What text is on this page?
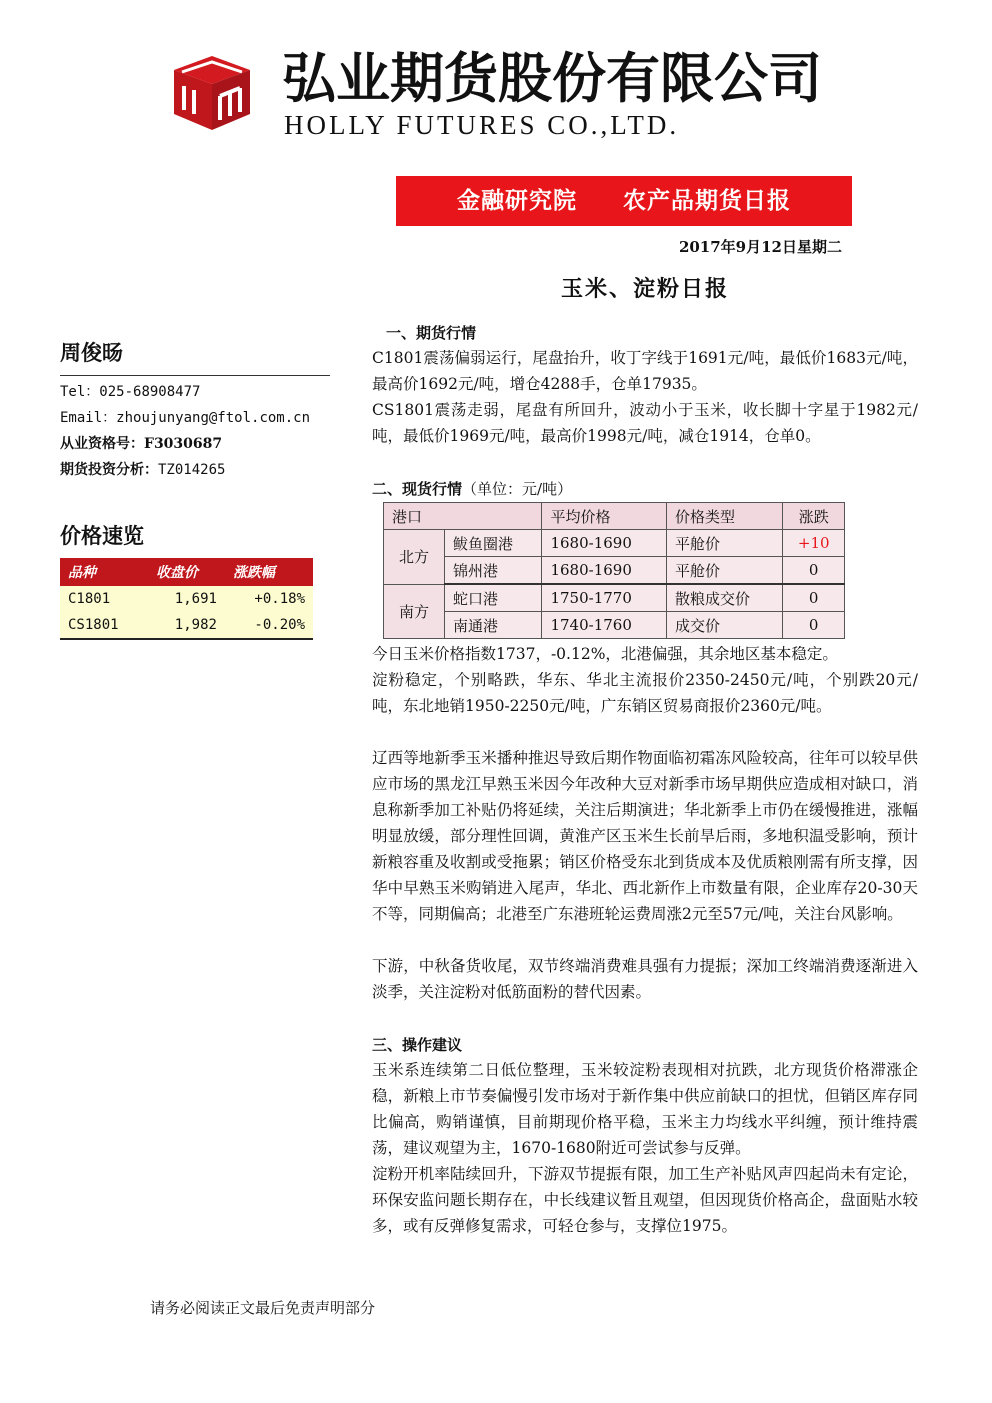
弘业期货股份有限公司
HOLLY FUTURES CO.,LTD.
金融研究院 农产品期货日报
2017年9月12日星期二
玉米、淀粉日报
周俊旸
Tel：025-68908477
Email：zhoujunyang@ftol.com.cn
从业资格号：F3030687
期货投资分析：TZ014265
价格速览
品种	收盘价	涨跌幅
C1801	1,691	+0.18%
CS1801	1,982	-0.20%
一、期货行情

C1801震荡偏弱运行，尾盘抬升，收丁字线于1691元/吨，最低价1683元/吨，最高价1692元/吨，增仓4288手，仓单17935。

CS1801震荡走弱，尾盘有所回升，波动小于玉米，收长脚十字星于1982元/吨，最低价1969元/吨，最高价1998元/吨，减仓1914，仓单0。

二、现货行情（单位：元/吨）
港口		平均价格	价格类型	涨跌
北方	鲅鱼圈港	1680-1690	平舱价	+10
	锦州港	1680-1690	平舱价	0
南方	蛇口港	1750-1770	散粮成交价	0
	南通港	1740-1760	成交价	0

今日玉米价格指数1737，-0.12%，北港偏强，其余地区基本稳定。

淀粉稳定，个别略跌，华东、华北主流报价2350-2450元/吨，个别跌20元/吨，东北地销1950-2250元/吨，广东销区贸易商报价2360元/吨。

辽西等地新季玉米播种推迟导致后期作物面临初霜冻风险较高，往年可以较早供应市场的黑龙江早熟玉米因今年改种大豆对新季市场早期供应造成相对缺口，消息称新季加工补贴仍将延续，关注后期演进；华北新季上市仍在缓慢推进，涨幅明显放缓，部分理性回调，黄淮产区玉米生长前旱后雨，多地积温受影响，预计新粮容重及收割或受拖累；销区价格受东北到货成本及优质粮刚需有所支撑，因华中早熟玉米购销进入尾声，华北、西北新作上市数量有限，企业库存20-30天不等，同期偏高；北港至广东港班轮运费周涨2元至57元/吨，关注台风影响。

下游，中秋备货收尾，双节终端消费难具强有力提振；深加工终端消费逐渐进入淡季，关注淀粉对低筋面粉的替代因素。

三、操作建议

玉米系连续第二日低位整理，玉米较淀粉表现相对抗跌，北方现货价格滞涨企稳，新粮上市节奏偏慢引发市场对于新作集中供应前缺口的担忧，但销区库存同比偏高，购销谨慎，目前期现价格平稳，玉米主力均线水平纠缠，预计维持震荡，建议观望为主，1670-1680附近可尝试参与反弹。

淀粉开机率陆续回升，下游双节提振有限，加工生产补贴风声四起尚未有定论，环保安监问题长期存在，中长线建议暂且观望，但因现货价格高企，盘面贴水较多，或有反弹修复需求，可轻仓参与，支撑位1975。

请务必阅读正文最后免责声明部分
